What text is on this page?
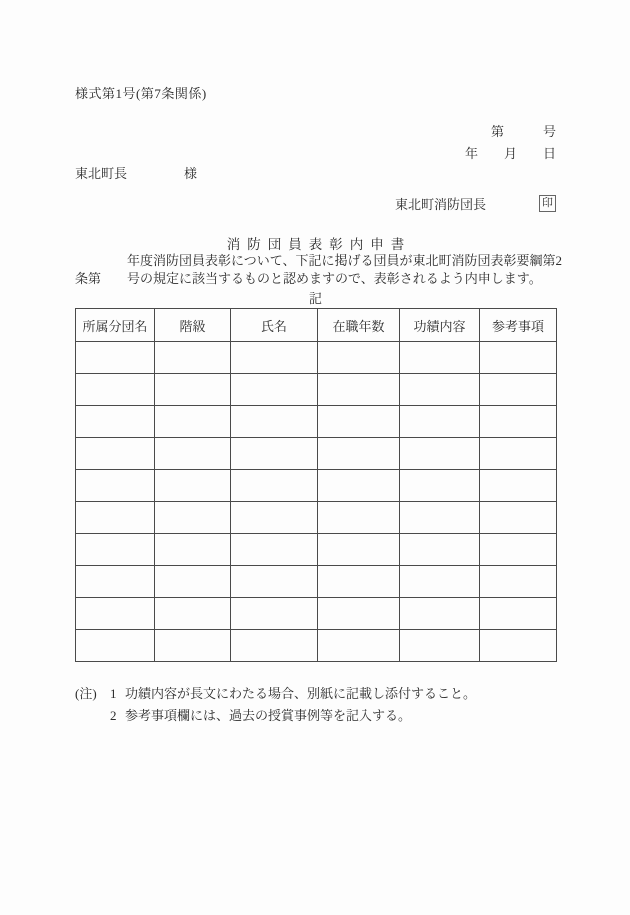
様式第1号(第7条関係)
第　　　号
年　　月　　日
東北町長	様
東北町消防団長	印
消防団員表彰内申書
年度消防団員表彰について、下記に掲げる団員が東北町消防団表彰要綱第2
条第　　号の規定に該当するものと認めますので、表彰されるよう内申します。
記
所属分団名	階級	氏名	在職年数	功績内容	参考事項

(注)	1 功績内容が長文にわたる場合、別紙に記載し添付すること。
2 参考事項欄には、過去の授賞事例等を記入する。
